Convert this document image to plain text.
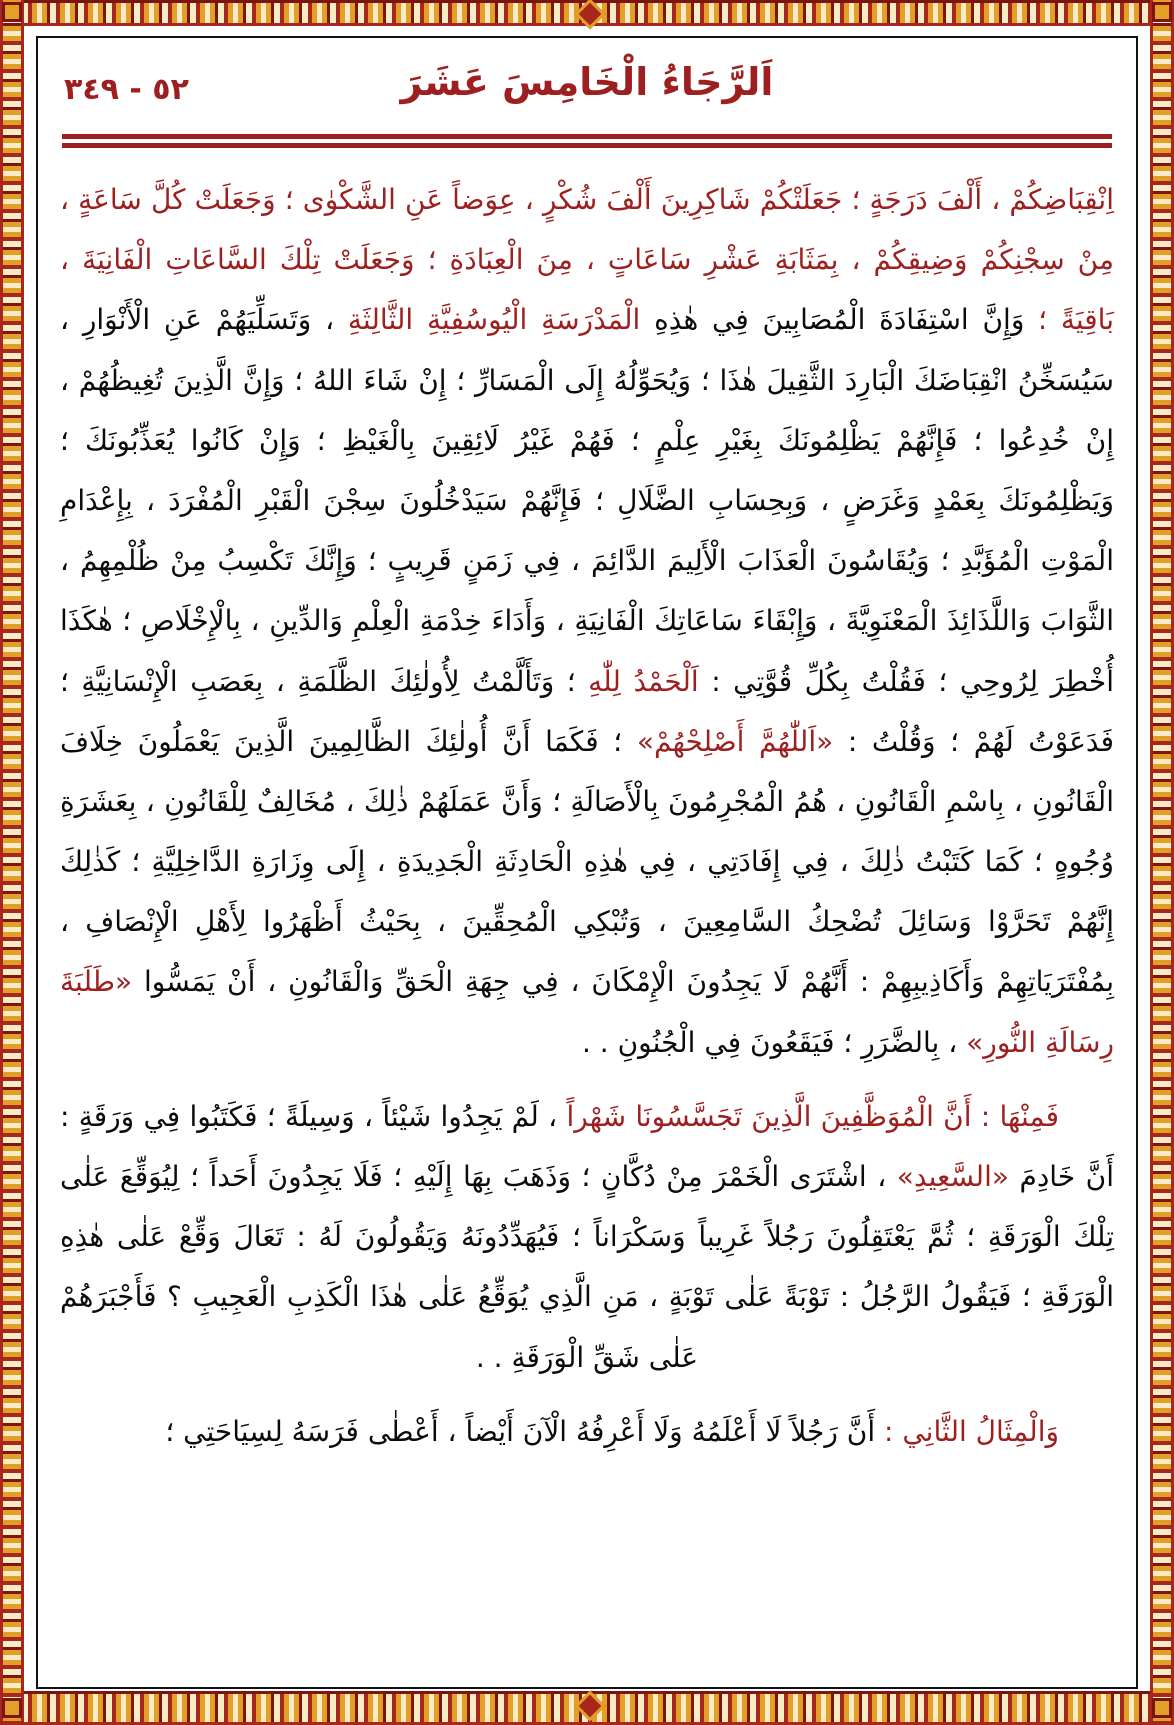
٥٢ - ٣٤٩	اَلرَّجَاءُ الْخَامِسَ عَشَرَ

اِنْقِبَاضِكُمْ ، أَلْفَ دَرَجَةٍ ؛ جَعَلَتْكُمْ شَاكِرِينَ أَلْفَ شُكْرٍ ، عِوَضاً عَنِ الشَّكْوٰى ؛ وَجَعَلَتْ كُلَّ سَاعَةٍ ، مِنْ سِجْنِكُمْ وَضِيقِكُمْ ، بِمَثَابَةِ عَشْرِ سَاعَاتٍ ، مِنَ الْعِبَادَةِ ؛ وَجَعَلَتْ تِلْكَ السَّاعَاتِ الْفَانِيَةَ ، بَاقِيَةً ؛ وَإِنَّ اسْتِفَادَةَ الْمُصَابِينَ فِي هٰذِهِ الْمَدْرَسَةِ الْيُوسُفِيَّةِ الثَّالِثَةِ ، وَتَسَلِّيَهُمْ عَنِ الْأَنْوَارِ ، سَيُسَخِّنُ انْقِبَاضَكَ الْبَارِدَ الثَّقِيلَ هٰذَا ؛ وَيُحَوِّلُهُ إِلَى الْمَسَارِّ ؛ إِنْ شَاءَ اللهُ ؛ وَإِنَّ الَّذِينَ تُغِيظُهُمْ ، إِنْ خُدِعُوا ؛ فَإِنَّهُمْ يَظْلِمُونَكَ بِغَيْرِ عِلْمٍ ؛ فَهُمْ غَيْرُ لَائِقِينَ بِالْغَيْظِ ؛ وَإِنْ كَانُوا يُعَذِّبُونَكَ ؛ وَيَظْلِمُونَكَ بِعَمْدٍ وَغَرَضٍ ، وَبِحِسَابِ الضَّلَالِ ؛ فَإِنَّهُمْ سَيَدْخُلُونَ سِجْنَ الْقَبْرِ الْمُفْرَدَ ، بِإِعْدَامِ الْمَوْتِ الْمُؤَبَّدِ ؛ وَيُقَاسُونَ الْعَذَابَ الْأَلِيمَ الدَّائِمَ ، فِي زَمَنٍ قَرِيبٍ ؛ وَإِنَّكَ تَكْسِبُ مِنْ ظُلْمِهِمُ ، الثَّوَابَ وَاللَّذَائِذَ الْمَعْنَوِيَّةَ ، وَإِبْقَاءَ سَاعَاتِكَ الْفَانِيَةِ ، وَأَدَاءَ خِدْمَةِ الْعِلْمِ وَالدِّينِ ، بِالْإِخْلَاصِ ؛ هٰكَذَا أُخْطِرَ لِرُوحِي ؛ فَقُلْتُ بِكُلِّ قُوَّتِي : اَلْحَمْدُ لِلّٰهِ ؛ وَتَأَلَّمْتُ لِأُولٰئِكَ الظَّلَمَةِ ، بِعَصَبِ الْإِنْسَانِيَّةِ ؛ فَدَعَوْتُ لَهُمْ ؛ وَقُلْتُ : «اَللّٰهُمَّ أَصْلِحْهُمْ» ؛ فَكَمَا أَنَّ أُولٰئِكَ الظَّالِمِينَ الَّذِينَ يَعْمَلُونَ خِلَافَ الْقَانُونِ ، بِاسْمِ الْقَانُونِ ، هُمُ الْمُجْرِمُونَ بِالْأَصَالَةِ ؛ وَأَنَّ عَمَلَهُمْ ذٰلِكَ ، مُخَالِفٌ لِلْقَانُونِ ، بِعَشَرَةِ وُجُوهٍ ؛ كَمَا كَتَبْتُ ذٰلِكَ ، فِي إِفَادَتِي ، فِي هٰذِهِ الْحَادِثَةِ الْجَدِيدَةِ ، إِلَى وِزَارَةِ الدَّاخِلِيَّةِ ؛ كَذٰلِكَ إِنَّهُمْ تَحَرَّوْا وَسَائِلَ تُضْحِكُ السَّامِعِينَ ، وَتُبْكِي الْمُحِقِّينَ ، بِحَيْثُ أَظْهَرُوا لِأَهْلِ الْإِنْصَافِ ، بِمُفْتَرَيَاتِهِمْ وَأَكَاذِيبِهِمْ : أَنَّهُمْ لَا يَجِدُونَ الْإِمْكَانَ ، فِي جِهَةِ الْحَقِّ وَالْقَانُونِ ، أَنْ يَمَسُّوا «طَلَبَةَ رِسَالَةِ النُّورِ» ، بِالضَّرَرِ ؛ فَيَقَعُونَ فِي الْجُنُونِ . .

فَمِنْهَا : أَنَّ الْمُوَظَّفِينَ الَّذِينَ تَجَسَّسُونَا شَهْراً ، لَمْ يَجِدُوا شَيْئاً ، وَسِيلَةً ؛ فَكَتَبُوا فِي وَرَقَةٍ : أَنَّ خَادِمَ «السَّعِيدِ» ، اشْتَرَى الْخَمْرَ مِنْ دُكَّانٍ ؛ وَذَهَبَ بِهَا إِلَيْهِ ؛ فَلَا يَجِدُونَ أَحَداً ؛ لِيُوَقِّعَ عَلٰى تِلْكَ الْوَرَقَةِ ؛ ثُمَّ يَعْتَقِلُونَ رَجُلاً غَرِيباً وَسَكْرَاناً ؛ فَيُهَدِّدُونَهُ وَيَقُولُونَ لَهُ : تَعَالَ وَقِّعْ عَلٰى هٰذِهِ الْوَرَقَةِ ؛ فَيَقُولُ الرَّجُلُ : تَوْبَةً عَلٰى تَوْبَةٍ ، مَنِ الَّذِي يُوَقِّعُ عَلٰى هٰذَا الْكَذِبِ الْعَجِيبِ ؟ فَأَجْبَرَهُمْ عَلٰى شَقِّ الْوَرَقَةِ . .

وَالْمِثَالُ الثَّانِي : أَنَّ رَجُلاً لَا أَعْلَمُهُ وَلَا أَعْرِفُهُ الْآنَ أَيْضاً ، أَعْطٰى فَرَسَهُ لِسِيَاحَتِي ؛
